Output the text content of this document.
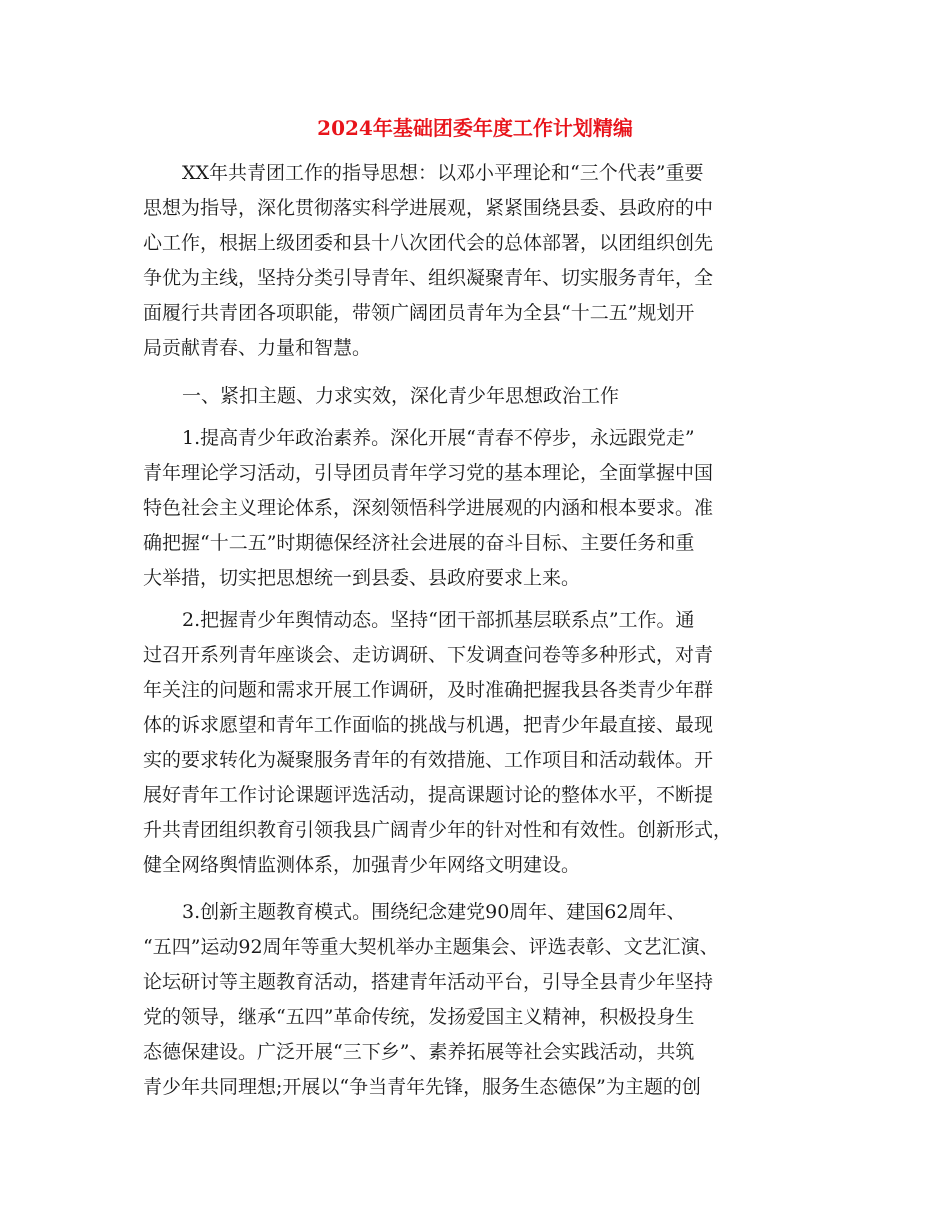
2024年基础团委年度工作计划精编
XX年共青团工作的指导思想：以邓小平理论和“三个代表”重要
思想为指导，深化贯彻落实科学进展观，紧紧围绕县委、县政府的中
心工作，根据上级团委和县十八次团代会的总体部署，以团组织创先
争优为主线，坚持分类引导青年、组织凝聚青年、切实服务青年，全
面履行共青团各项职能，带领广阔团员青年为全县“十二五”规划开
局贡献青春、力量和智慧。
一、紧扣主题、力求实效，深化青少年思想政治工作
1.提高青少年政治素养。深化开展“青春不停步，永远跟党走”
青年理论学习活动，引导团员青年学习党的基本理论，全面掌握中国
特色社会主义理论体系，深刻领悟科学进展观的内涵和根本要求。准
确把握“十二五”时期德保经济社会进展的奋斗目标、主要任务和重
大举措，切实把思想统一到县委、县政府要求上来。
2.把握青少年舆情动态。坚持“团干部抓基层联系点”工作。通
过召开系列青年座谈会、走访调研、下发调查问卷等多种形式，对青
年关注的问题和需求开展工作调研，及时准确把握我县各类青少年群
体的诉求愿望和青年工作面临的挑战与机遇，把青少年最直接、最现
实的要求转化为凝聚服务青年的有效措施、工作项目和活动载体。开
展好青年工作讨论课题评选活动，提高课题讨论的整体水平，不断提
升共青团组织教育引领我县广阔青少年的针对性和有效性。创新形式，
健全网络舆情监测体系，加强青少年网络文明建设。
3.创新主题教育模式。围绕纪念建党90周年、建国62周年、
“五四”运动92周年等重大契机举办主题集会、评选表彰、文艺汇演、
论坛研讨等主题教育活动，搭建青年活动平台，引导全县青少年坚持
党的领导，继承“五四”革命传统，发扬爱国主义精神，积极投身生
态德保建设。广泛开展“三下乡”、素养拓展等社会实践活动，共筑
青少年共同理想;开展以“争当青年先锋，服务生态德保”为主题的创
